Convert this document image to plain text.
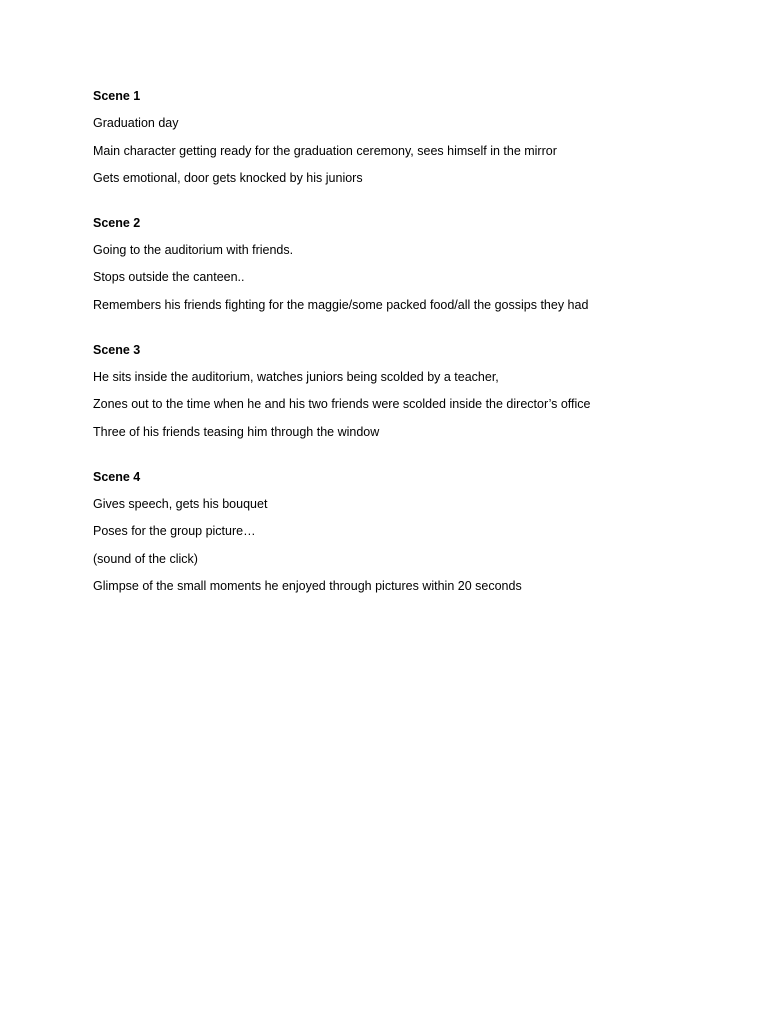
Scene 1

Graduation day

Main character getting ready for the graduation ceremony, sees himself in the mirror

Gets emotional, door gets knocked by his juniors

Scene 2

Going to the auditorium with friends.

Stops outside the canteen..

Remembers his friends fighting for the maggie/some packed food/all the gossips they had

Scene 3

He sits inside the auditorium, watches juniors being scolded by a teacher,

Zones out to the time when he and his two friends were scolded inside the director’s office

Three of his friends teasing him through the window

Scene 4

Gives speech, gets his bouquet

Poses for the group picture…

(sound of the click)

Glimpse of the small moments he enjoyed through pictures within 20 seconds
